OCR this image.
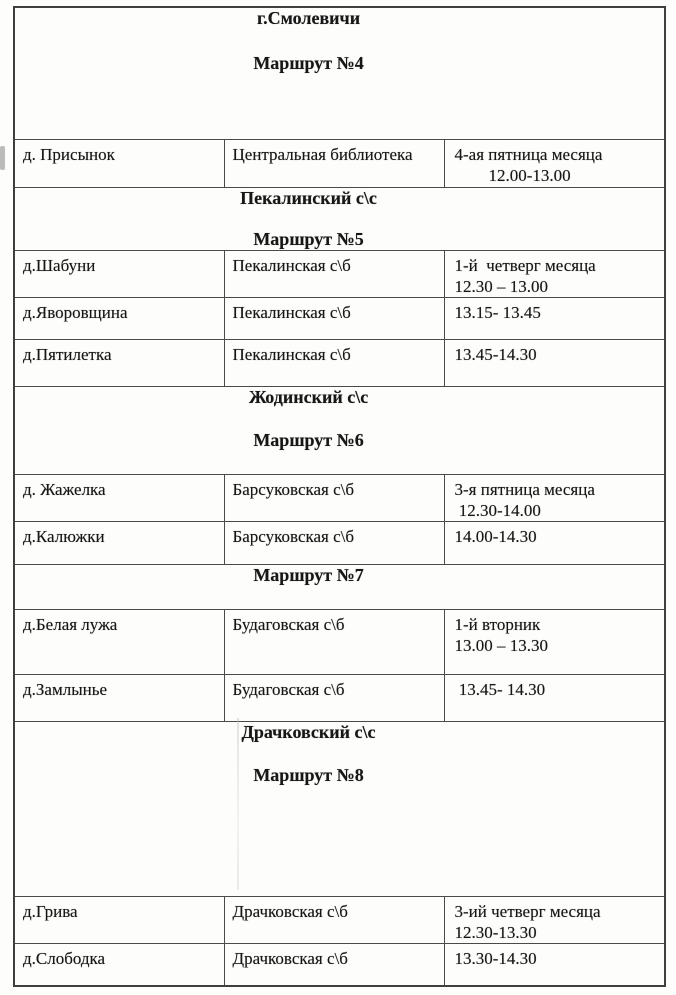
г.Смолевичи
Маршрут №4		

д. Присынок	Центральная библиотека	4-ая пятница месяца
12.00-13.00

Пекалинский с\с
Маршрут №5		

д.Шабуни	Пекалинская с\б	1-й  четверг месяца
12.30 – 13.00

д.Яворовщина	Пекалинская с\б	13.15- 13.45

д.Пятилетка	Пекалинская с\б	13.45-14.30

Жодинский с\с
Маршрут №6		

д. Жажелка	Барсуковская с\б	3-я пятница месяца
12.30-14.00

д.Калюжки	Барсуковская с\б	14.00-14.30

Маршрут №7		

д.Белая лужа	Будаговская с\б	1-й вторник
13.00 – 13.30

д.Замлынье	Будаговская с\б	13.45- 14.30

Драчковский с\с
Маршрут №8		

д.Грива	Драчковская с\б	3-ий четверг месяца
12.30-13.30

д.Слободка	Драчковская с\б	13.30-14.30
